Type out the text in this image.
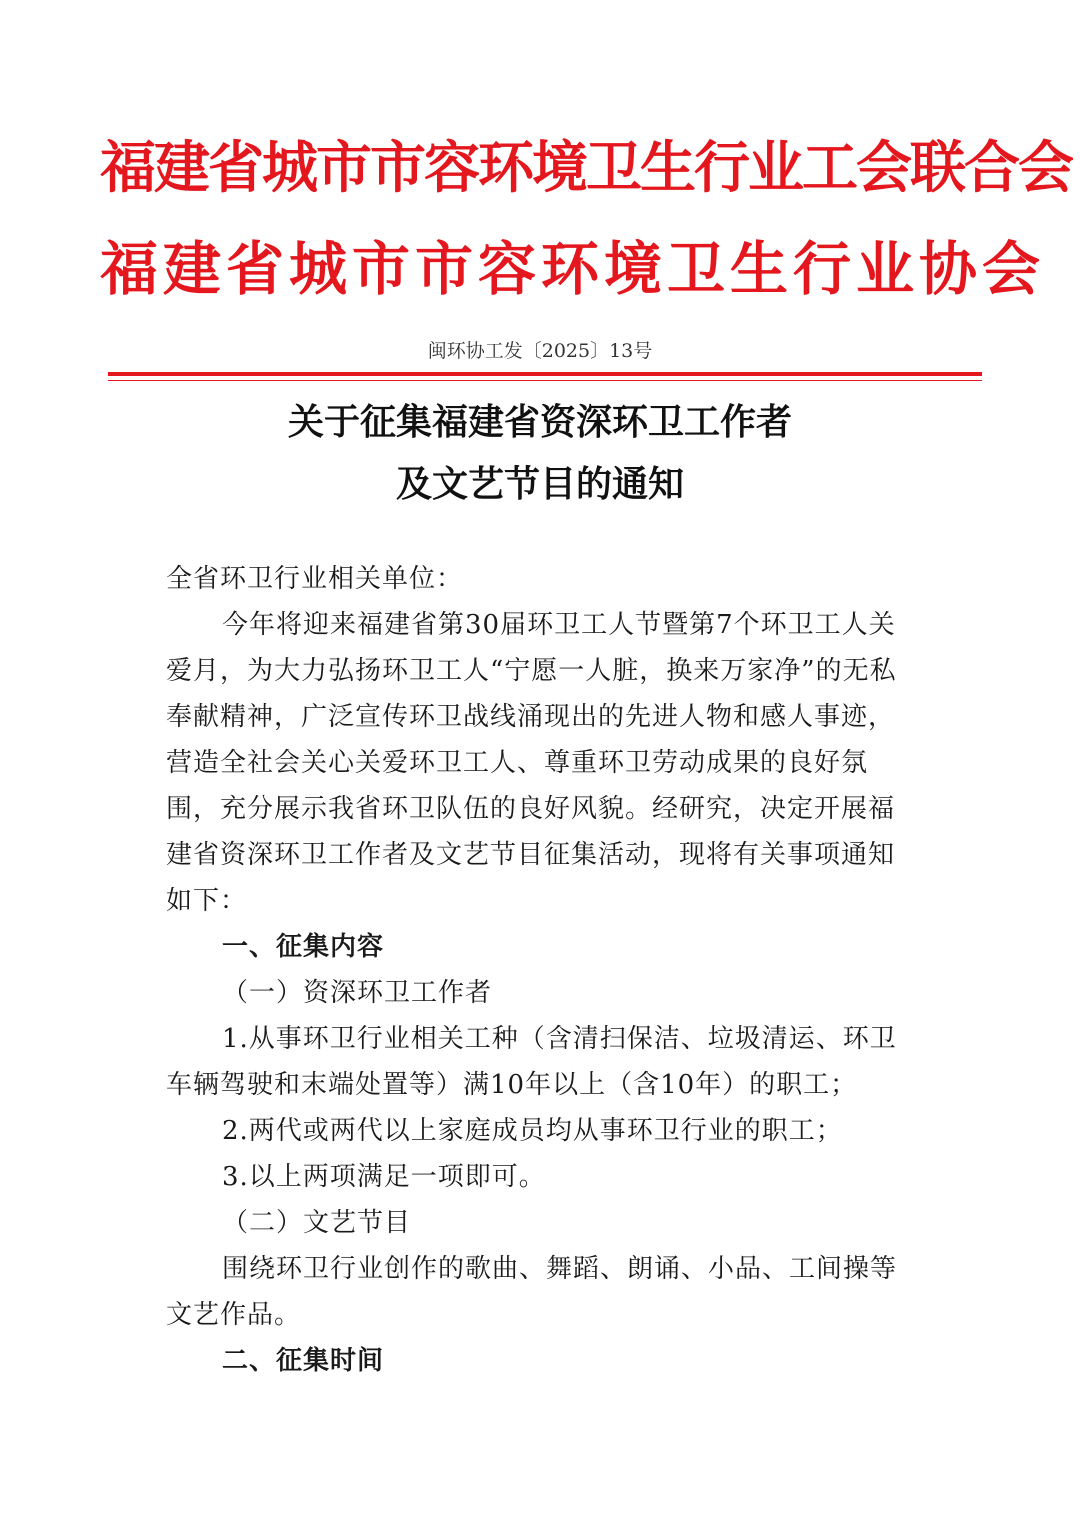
福建省城市市容环境卫生行业工会联合会
福建省城市市容环境卫生行业协会
闽环协工发〔2025〕13号
关于征集福建省资深环卫工作者
及文艺节目的通知

全省环卫行业相关单位：

今年将迎来福建省第30届环卫工人节暨第7个环卫工人关爱月，为大力弘扬环卫工人“宁愿一人脏，换来万家净”的无私奉献精神，广泛宣传环卫战线涌现出的先进人物和感人事迹，营造全社会关心关爱环卫工人、尊重环卫劳动成果的良好氛围，充分展示我省环卫队伍的良好风貌。经研究，决定开展福建省资深环卫工作者及文艺节目征集活动，现将有关事项通知如下：

一、征集内容

（一）资深环卫工作者

1.从事环卫行业相关工种（含清扫保洁、垃圾清运、环卫车辆驾驶和末端处置等）满10年以上（含10年）的职工；

2.两代或两代以上家庭成员均从事环卫行业的职工；

3.以上两项满足一项即可。

（二）文艺节目

围绕环卫行业创作的歌曲、舞蹈、朗诵、小品、工间操等文艺作品。

二、征集时间
